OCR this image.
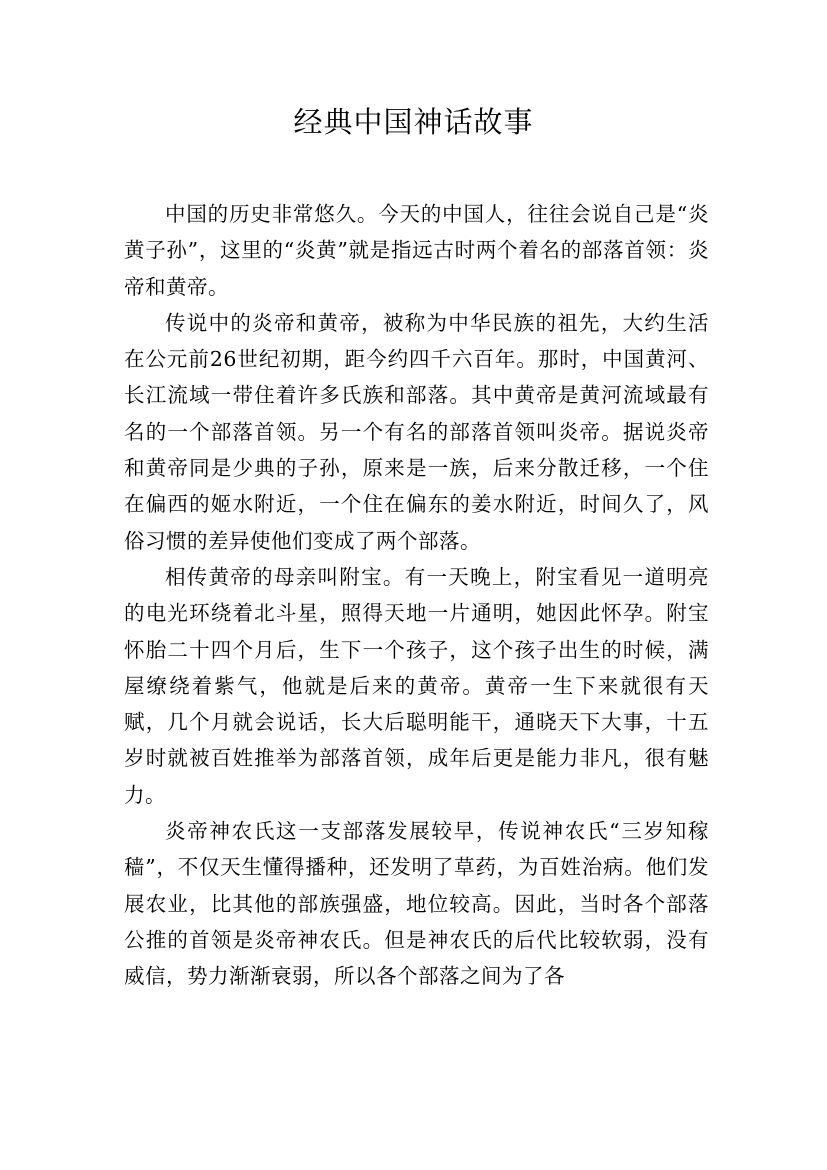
经典中国神话故事

中国的历史非常悠久。今天的中国人，往往会说自己是“炎黄子孙”，这里的“炎黄”就是指远古时两个着名的部落首领：炎帝和黄帝。

传说中的炎帝和黄帝，被称为中华民族的祖先，大约生活在公元前26世纪初期，距今约四千六百年。那时，中国黄河、长江流域一带住着许多氏族和部落。其中黄帝是黄河流域最有名的一个部落首领。另一个有名的部落首领叫炎帝。据说炎帝和黄帝同是少典的子孙，原来是一族，后来分散迁移，一个住在偏西的姬水附近，一个住在偏东的姜水附近，时间久了，风俗习惯的差异使他们变成了两个部落。

相传黄帝的母亲叫附宝。有一天晚上，附宝看见一道明亮的电光环绕着北斗星，照得天地一片通明，她因此怀孕。附宝怀胎二十四个月后，生下一个孩子，这个孩子出生的时候，满屋缭绕着紫气，他就是后来的黄帝。黄帝一生下来就很有天赋，几个月就会说话，长大后聪明能干，通晓天下大事，十五岁时就被百姓推举为部落首领，成年后更是能力非凡，很有魅力。

炎帝神农氏这一支部落发展较早，传说神农氏“三岁知稼穑”，不仅天生懂得播种，还发明了草药，为百姓治病。他们发展农业，比其他的部族强盛，地位较高。因此，当时各个部落公推的首领是炎帝神农氏。但是神农氏的后代比较软弱，没有威信，势力渐渐衰弱，所以各个部落之间为了各
